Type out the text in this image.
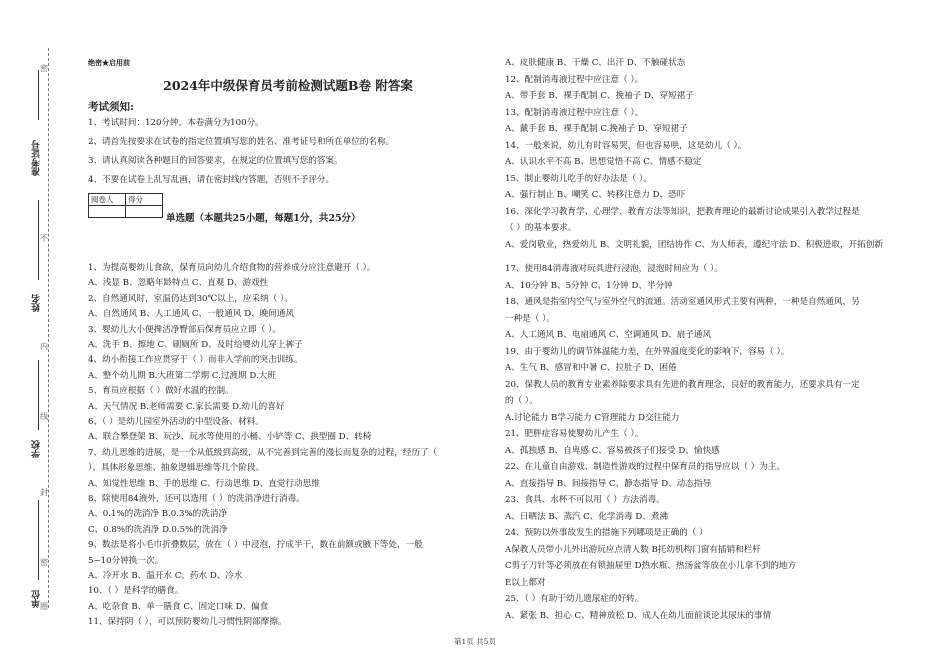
密
不
内
线
封
密
圈
准考证号
姓名
学校
单位
绝密★启用前
2024年中级保育员考前检测试题B卷 附答案
考试须知:
1、考试时间：120分钟，本卷满分为100分。
2、请首先按要求在试卷的指定位置填写您的姓名、准考证号和所在单位的名称。
3、请认真阅读各种题目的回答要求，在规定的位置填写您的答案。
4、不要在试卷上乱写乱画，请在密封线内答题，否则不予评分。
阅卷人	得分

单选题（本题共25小题，每题1分，共25分）
1、为提高婴幼儿食欲，保育员向幼儿介绍食物的营养成分应注意避开（ ）。
A、浅显 B、忽略年龄特点 C、直观 D、游戏性
2、自然通风时，室温仍达到30℃以上，应采纳（ ）。
A、自然通风 B、人工通风 C、一般通风 D、晚间通风
3、婴幼儿大小便搀洁净臀部后保育员应立即（ ）。
A、洗手 B、擦地 C、刷厕所 D、及时给婴幼儿穿上裤子
4、幼小衔接工作应贯穿于（ ）而非入学前的突击训练。
A、整个幼儿期 B.大班第二学期 C.过渡期 D.大班
5、育员应根据（ ）做好水温的控制。
A、天气情况 B.老师需要 C.家长需要 D.幼儿的喜好
6、（ ）是幼儿园室外活动的中型设备、材料。
A、联合攀登架 B、玩沙、玩水等使用的小桶、小铲等 C、拱型圈 D、转椅
7、幼儿思维的进展，是一个从低级到高级，从不完善到完善的漫长而复杂的过程，经历了（
）、具体形象思维、抽象逻辑思维等几个阶段。
A、知觉性思维 B、手的思维 C、行动思维 D、直觉行动思维
8、除使用84液外，还可以选用（ ）的洗消净进行消毒。
A、0.1%的洗消净 B.0.3%的洗消净
C、0.8%的洗消净 D.0.5%的洗消净
9、数法是将小毛巾折叠数层，放在（ ）中浸泡，拧成半干，数在前额或腋下等处，一般
5~10分钟换一次。
A、冷开水 B、温开水 C、药水 D、冷水
10、（ ）是科学的膳食。
A、吃杂食 B、单一膳食 C、固定口味 D、偏食
11、保持阴（ ），可以预防婴幼儿习惯性阴部摩擦。
A、皮肤健康 B、干燥 C、出汗 D、不触碰状态
12、配制消毒液过程中应注意（ ）。
A、带手套 B、裸手配制 C、挽袖子 D、穿短裙子
13、配制消毒液过程中应注意（ ）。
A、戴手套 B、裸手配制 C.挽袖子 D、穿短裙子
14、一般来说，幼儿有时容易哭，但也容易哄，这是幼儿（ ）。
A、认识水平不高 B、思想觉悟不高 C、情感不稳定
15、制止婴幼儿吃手的好办法是（ ）。
A、强行制止 B、嘲笑 C、转移注意力 D、恐吓
16、深化学习教育学、心理学、教育方法等知识，把教育理论的最新讨论成果引入教学过程是
（ ）的基本要求。
A、爱岗敬业，热爱幼儿 B、文明礼貌，团结协作 C、为人师表，遵纪守法 D、积极进取，开拓创新
17、使用84消毒液对玩具进行浸泡，浸泡时间应为（ ）。
A、10分钟 B、5分钟 C、1分钟 D、半分钟
18、通风是指室内空气与室外空气的流通。活动室通风形式主要有两种，一种是自然通风，另
一种是（ ）。
A、人工通风 B、电扇通风 C、空调通风 D、扇子通风
19、由于婴幼儿的调节体温能力差，在外界温度变化的影响下，容易（ ）。
A、生气 B、感冒和中暑 C、拉肚子 D、困倦
20、保教人员的教育专业素养除要求具有先进的教育理念，良好的教育能力，还要求具有一定
的（ ）。
A.讨论能力 B学习能力 C管理能力 D交往能力
21、肥胖症容易使婴幼儿产生（ ）。
A、孤独感 B、自卑感 C、容易被孩子们接受 D、愉快感
22、在儿童自由游戏、制造性游戏的过程中保育员的指导应以（ ）为主。
A、直接指导 B、间接指导 C、静态指导 D、动态指导
23、食具、水杯不可以用（ ）方法消毒。
A、日晒法 B、蒸汽 C、化学消毒 D、煮沸
24、预防以外事故发生的措施下列哪项是正确的（ ）
A保教人员带小儿外出游玩应点清人数 B托幼机构门窗有插销和栏杆
C剪子刀针等必须放在有锁抽屉里 D热水瓶、热汤盆等放在小儿拿不到的地方
E以上都对
25、（ ）有助于幼儿遗尿症的好转。
A、紧张 B、担心 C、精神放松 D、成人在幼儿面前谈论其尿床的事情
第1页 共5页
